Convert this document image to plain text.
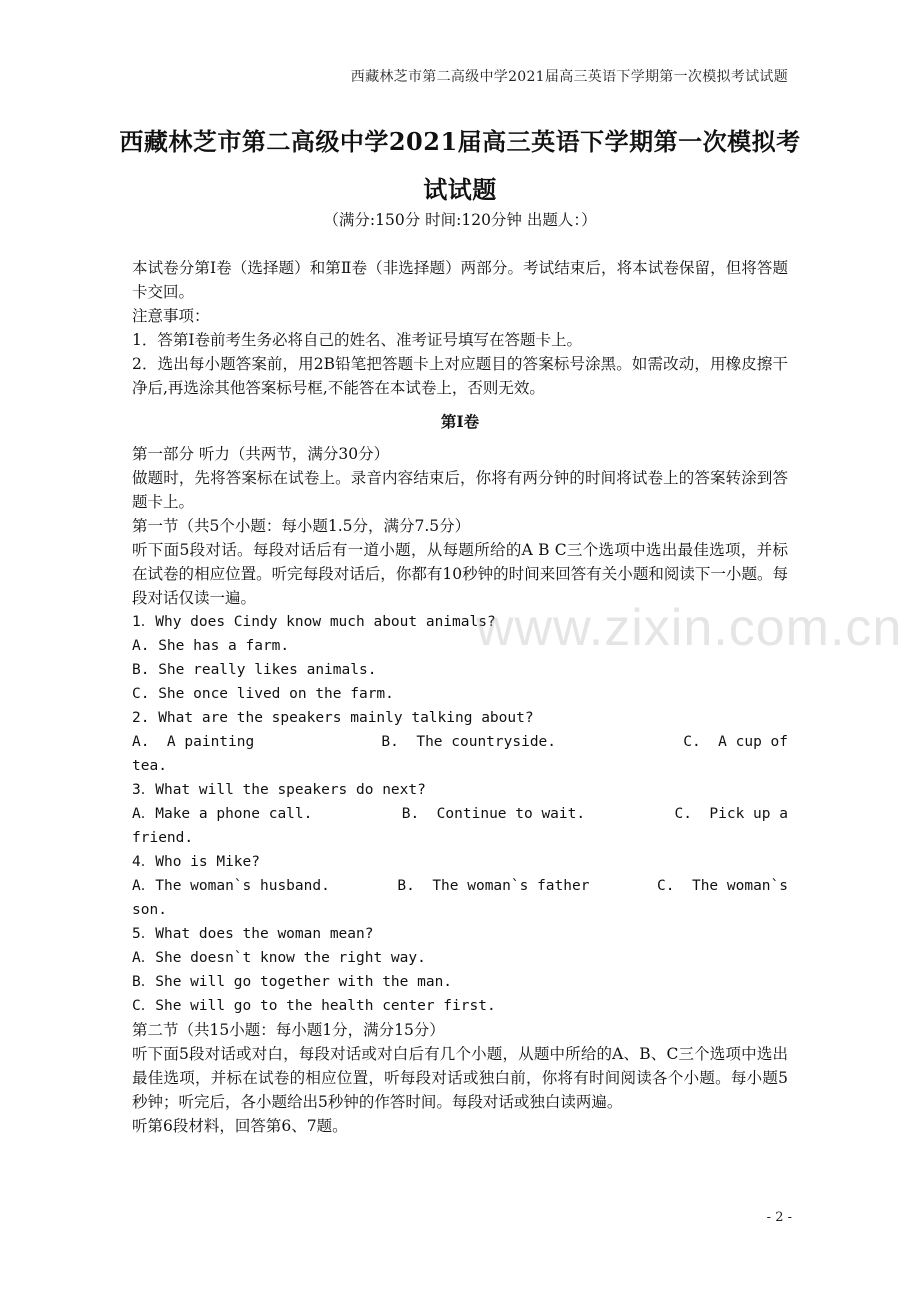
西藏林芝市第二高级中学2021届高三英语下学期第一次模拟考试试题
西藏林芝市第二高级中学2021届高三英语下学期第一次模拟考
试试题
（满分:150分 时间:120分钟 出题人：）

本试卷分第Ⅰ卷（选择题）和第Ⅱ卷（非选择题）两部分。考试结束后，将本试卷保留，但将答题卡交回。

注意事项：

1．答第Ⅰ卷前考生务必将自己的姓名、准考证号填写在答题卡上。

2．选出每小题答案前，用2B铅笔把答题卡上对应题目的答案标号涂黑。如需改动，用橡皮擦干净后,再选涂其他答案标号框,不能答在本试卷上，否则无效。

第Ⅰ卷

第一部分 听力（共两节，满分30分）

做题时，先将答案标在试卷上。录音内容结束后，你将有两分钟的时间将试卷上的答案转涂到答题卡上。

第一节（共5个小题：每小题1.5分，满分7.5分）

听下面5段对话。每段对话后有一道小题，从每题所给的A B C三个选项中选出最佳选项，并标在试卷的相应位置。听完每段对话后，你都有10秒钟的时间来回答有关小题和阅读下一小题。每段对话仅读一遍。

1．Why does Cindy know much about animals?

A. She has a farm.

B. She really likes animals.

C. She once lived on the farm.

2. What are the speakers mainly talking about?

A.  A painting	B.  The countryside.	C.  A cup of

tea.

3．What will the speakers do next?

A．Make a phone call.	B.  Continue to wait.	C.  Pick up a

friend.

4．Who is Mike?

A．The woman`s husband.	B.  The woman`s father	C.  The woman`s

son.

5．What does the woman mean?

A．She doesn`t know the right way.

B．She will go together with the man.

C．She will go to the health center first.

第二节（共15小题：每小题1分，满分15分）

听下面5段对话或对白，每段对话或对白后有几个小题，从题中所给的A、B、C三个选项中选出最佳选项，并标在试卷的相应位置，听每段对话或独白前，你将有时间阅读各个小题。每小题5秒钟；听完后，各小题给出5秒钟的作答时间。每段对话或独白读两遍。

听第6段材料，回答第6、7题。

www.zixin.com.cn
- 2 -
